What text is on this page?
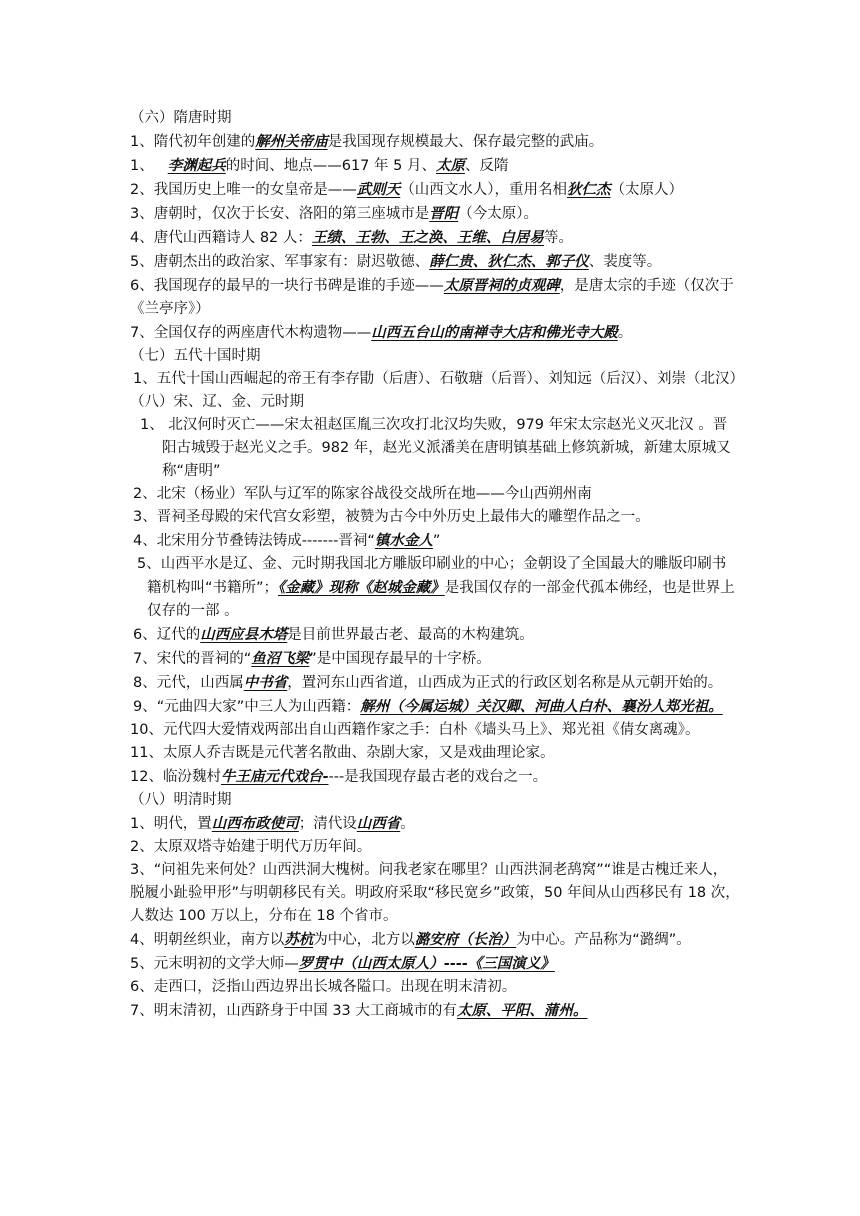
（六）隋唐时期

1、隋代初年创建的解州关帝庙是我国现存规模最大、保存最完整的武庙。

1、 李渊起兵的时间、地点——617 年 5 月、太原、反隋

2、我国历史上唯一的女皇帝是——武则天（山西文水人），重用名相狄仁杰（太原人）

3、唐朝时，仅次于长安、洛阳的第三座城市是晋阳（今太原）。

4、唐代山西籍诗人 82 人：王绩、王勃、王之涣、王维、白居易等。

5、唐朝杰出的政治家、军事家有：尉迟敬德、薛仁贵、狄仁杰、郭子仪、裴度等。

6、我国现存的最早的一块行书碑是谁的手迹——太原晋祠的贞观碑，是唐太宗的手迹（仅次于《兰亭序》）

7、全国仅存的两座唐代木构遗物——山西五台山的南禅寺大店和佛光寺大殿。

（七）五代十国时期

1、五代十国山西崛起的帝王有李存勖（后唐）、石敬瑭（后晋）、刘知远（后汉）、刘崇（北汉）

（八）宋、辽、金、元时期

1、 北汉何时灭亡——宋太祖赵匡胤三次攻打北汉均失败，979 年宋太宗赵光义灭北汉 。晋阳古城毁于赵光义之手。982 年，赵光义派潘美在唐明镇基础上修筑新城，新建太原城又称“唐明”

2、北宋（杨业）军队与辽军的陈家谷战役交战所在地——今山西朔州南

3、晋祠圣母殿的宋代宫女彩塑，被赞为古今中外历史上最伟大的雕塑作品之一。

4、北宋用分节叠铸法铸成-------晋祠“镇水金人”

5、山西平水是辽、金、元时期我国北方雕版印刷业的中心；金朝设了全国最大的雕版印刷书籍机构叫“书籍所”；《金藏》现称《赵城金藏》是我国仅存的一部金代孤本佛经，也是世界上仅存的一部 。

6、辽代的山西应县木塔是目前世界最古老、最高的木构建筑。

7、宋代的晋祠的“鱼沼飞梁”是中国现存最早的十字桥。

8、元代，山西属中书省，置河东山西省道，山西成为正式的行政区划名称是从元朝开始的。

9、“元曲四大家”中三人为山西籍：解州（今属运城）关汉卿、河曲人白朴、襄汾人郑光祖。

10、元代四大爱情戏两部出自山西籍作家之手：白朴《墙头马上》、郑光祖《倩女离魂》。

11、太原人乔吉既是元代著名散曲、杂剧大家，又是戏曲理论家。

12、临汾魏村牛王庙元代戏台----是我国现存最古老的戏台之一。

（八）明清时期

1、明代，置山西布政使司；清代设山西省。

2、太原双塔寺始建于明代万历年间。

3、“问祖先来何处？山西洪洞大槐树。问我老家在哪里？山西洪洞老鸹窝”“谁是古槐迁来人，脱履小趾验甲形”与明朝移民有关。明政府采取“移民宽乡”政策，50 年间从山西移民有 18 次，人数达 100 万以上，分布在 18 个省市。

4、明朝丝织业，南方以苏杭为中心，北方以潞安府（长治）为中心。产品称为“潞绸”。

5、元末明初的文学大师—罗贯中（山西太原人）----《三国演义》

6、走西口，泛指山西边界出长城各隘口。出现在明末清初。

7、明末清初，山西跻身于中国 33 大工商城市的有太原、平阳、蒲州。
